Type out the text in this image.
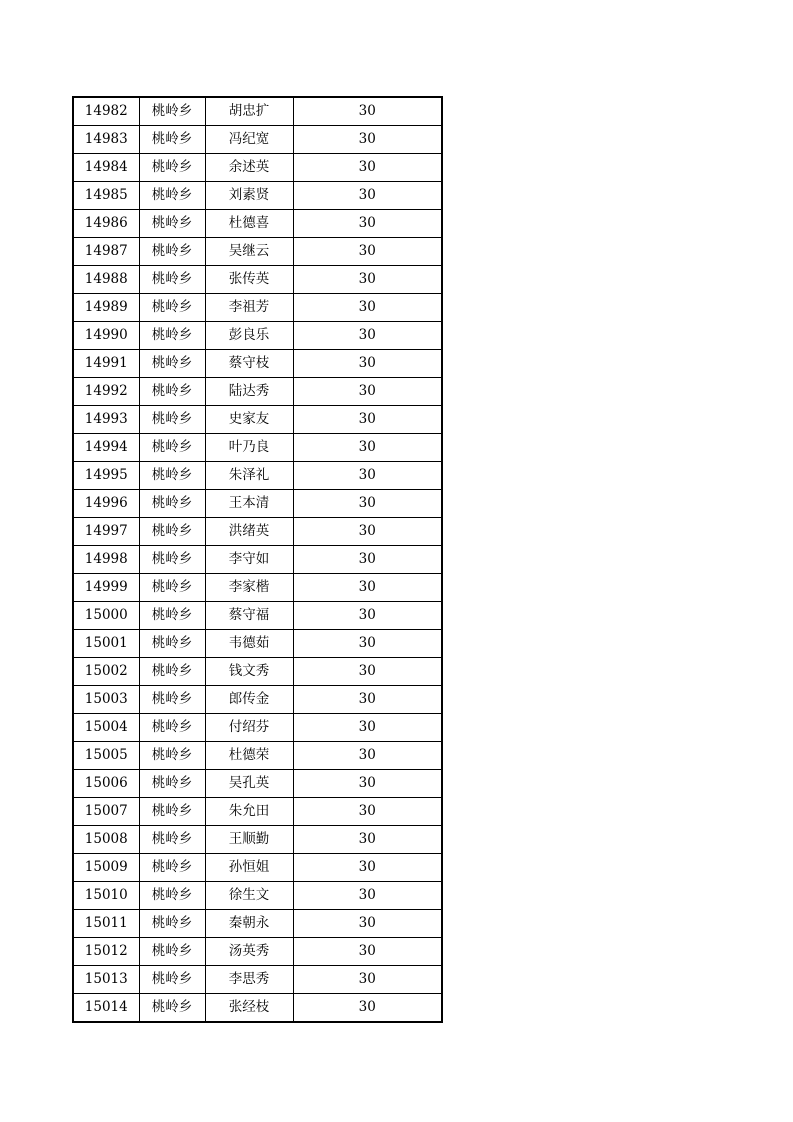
14982	桃岭乡	胡忠扩	30
14983	桃岭乡	冯纪宽	30
14984	桃岭乡	余述英	30
14985	桃岭乡	刘素贤	30
14986	桃岭乡	杜德喜	30
14987	桃岭乡	吴继云	30
14988	桃岭乡	张传英	30
14989	桃岭乡	李祖芳	30
14990	桃岭乡	彭良乐	30
14991	桃岭乡	蔡守枝	30
14992	桃岭乡	陆达秀	30
14993	桃岭乡	史家友	30
14994	桃岭乡	叶乃良	30
14995	桃岭乡	朱泽礼	30
14996	桃岭乡	王本清	30
14997	桃岭乡	洪绪英	30
14998	桃岭乡	李守如	30
14999	桃岭乡	李家楷	30
15000	桃岭乡	蔡守福	30
15001	桃岭乡	韦德茹	30
15002	桃岭乡	钱文秀	30
15003	桃岭乡	郎传金	30
15004	桃岭乡	付绍芬	30
15005	桃岭乡	杜德荣	30
15006	桃岭乡	吴孔英	30
15007	桃岭乡	朱允田	30
15008	桃岭乡	王顺勤	30
15009	桃岭乡	孙恒姐	30
15010	桃岭乡	徐生文	30
15011	桃岭乡	秦朝永	30
15012	桃岭乡	汤英秀	30
15013	桃岭乡	李思秀	30
15014	桃岭乡	张经枝	30
